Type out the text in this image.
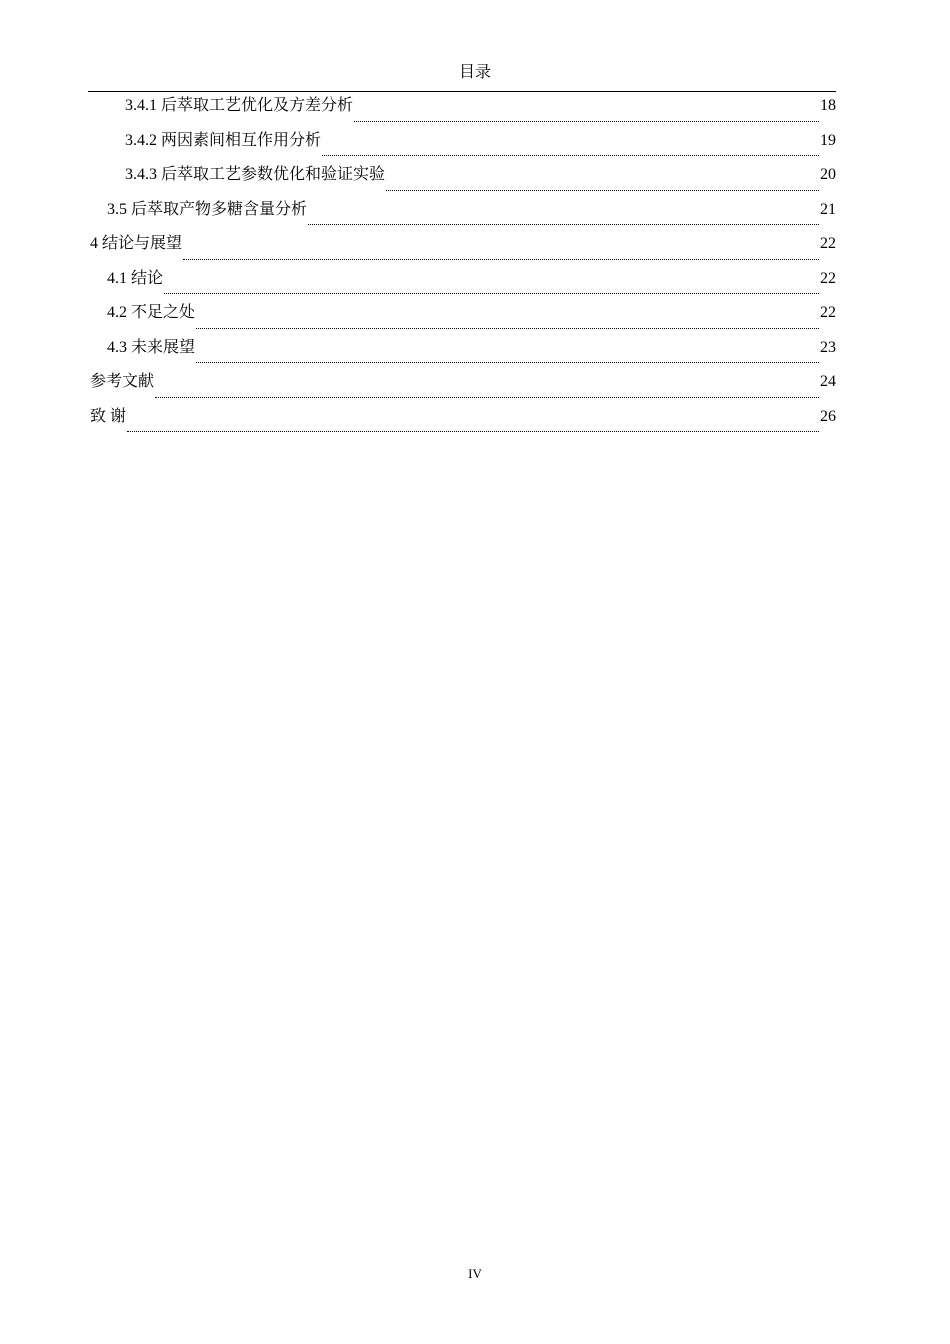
目录
3.4.1 后萃取工艺优化及方差分析	18
3.4.2 两因素间相互作用分析	19
3.4.3 后萃取工艺参数优化和验证实验	20
3.5 后萃取产物多糖含量分析	21
4 结论与展望	22
4.1 结论	22
4.2 不足之处	22
4.3 未来展望	23
参考文献	24
致 谢	26
IV
